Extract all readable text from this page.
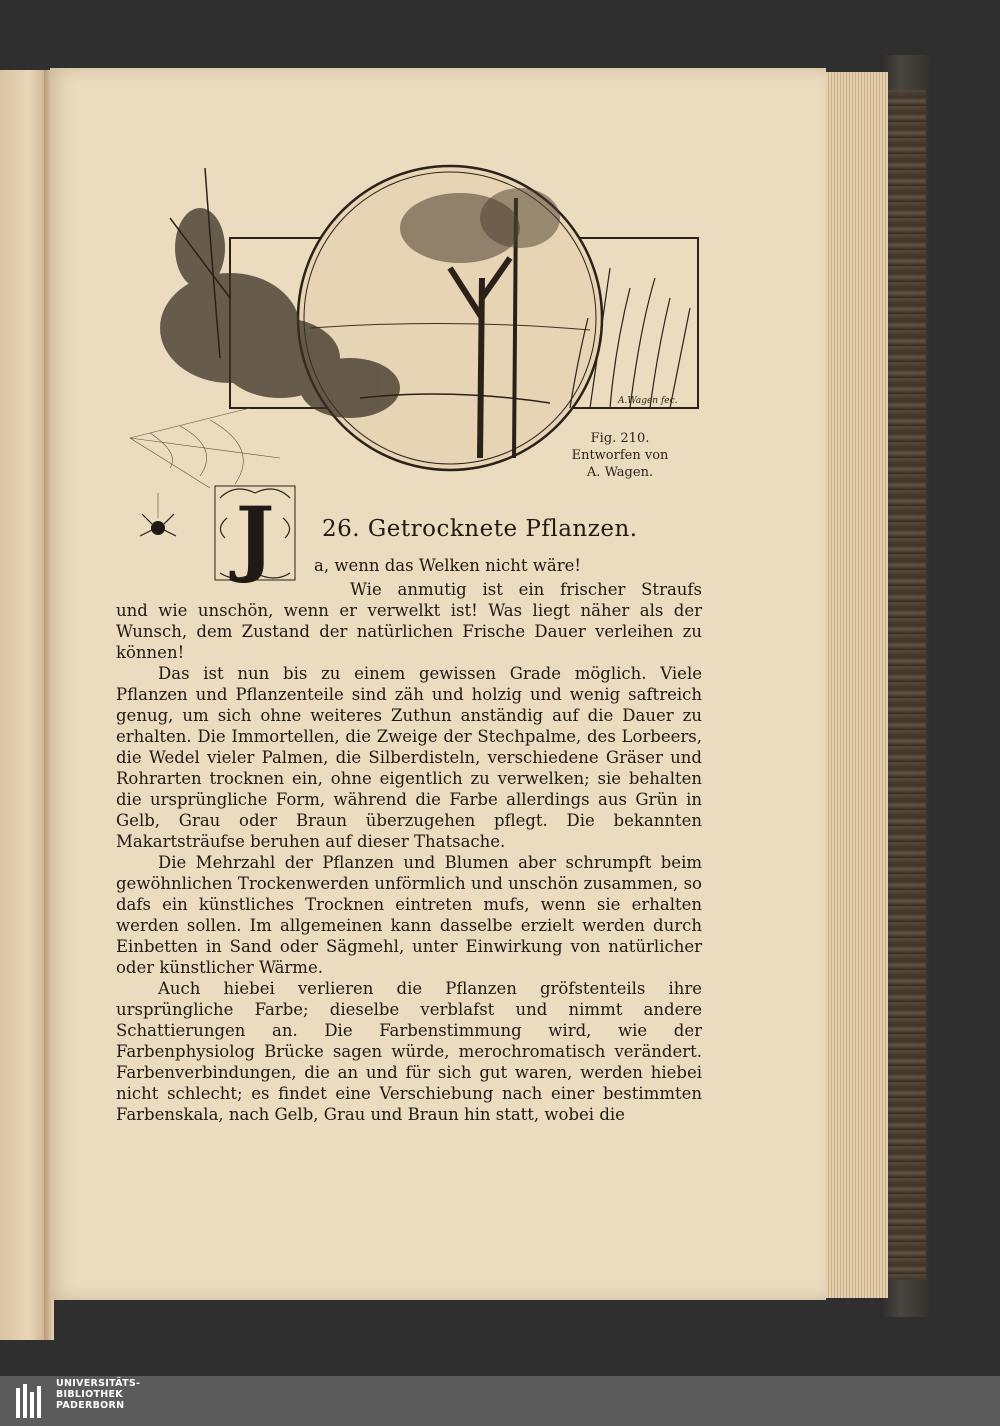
A.Wagen fec.
Fig. 210.
Entworfen von
A. Wagen.
J 26. Getrocknete Pflanzen.
a, wenn das Welken nicht wäre!
Wie anmutig ist ein frischer Straufs

und wie unschön, wenn er verwelkt ist! Was liegt näher als der Wunsch, dem Zustand der natürlichen Frische Dauer verleihen zu können!

Das ist nun bis zu einem gewissen Grade möglich. Viele Pflanzen und Pflanzenteile sind zäh und holzig und wenig saftreich genug, um sich ohne weiteres Zuthun anständig auf die Dauer zu erhalten. Die Immortellen, die Zweige der Stechpalme, des Lorbeers, die Wedel vieler Palmen, die Silberdisteln, verschiedene Gräser und Rohrarten trocknen ein, ohne eigentlich zu verwelken; sie behalten die ursprüngliche Form, während die Farbe allerdings aus Grün in Gelb, Grau oder Braun überzugehen pflegt. Die bekannten Makartsträufse beruhen auf dieser Thatsache.

Die Mehrzahl der Pflanzen und Blumen aber schrumpft beim gewöhnlichen Trockenwerden unförmlich und unschön zusammen, so dafs ein künstliches Trocknen eintreten mufs, wenn sie erhalten werden sollen. Im allgemeinen kann dasselbe erzielt werden durch Einbetten in Sand oder Sägmehl, unter Einwirkung von natürlicher oder künstlicher Wärme.

Auch hiebei verlieren die Pflanzen gröfstenteils ihre ursprüngliche Farbe; dieselbe verblafst und nimmt andere Schattierungen an. Die Farbenstimmung wird, wie der Farbenphysiolog Brücke sagen würde, merochromatisch verändert. Farbenverbindungen, die an und für sich gut waren, werden hiebei nicht schlecht; es findet eine Verschiebung nach einer bestimmten Farbenskala, nach Gelb, Grau und Braun hin statt, wobei die

UNIVERSITÄTS-
BIBLIOTHEK
PADERBORN
